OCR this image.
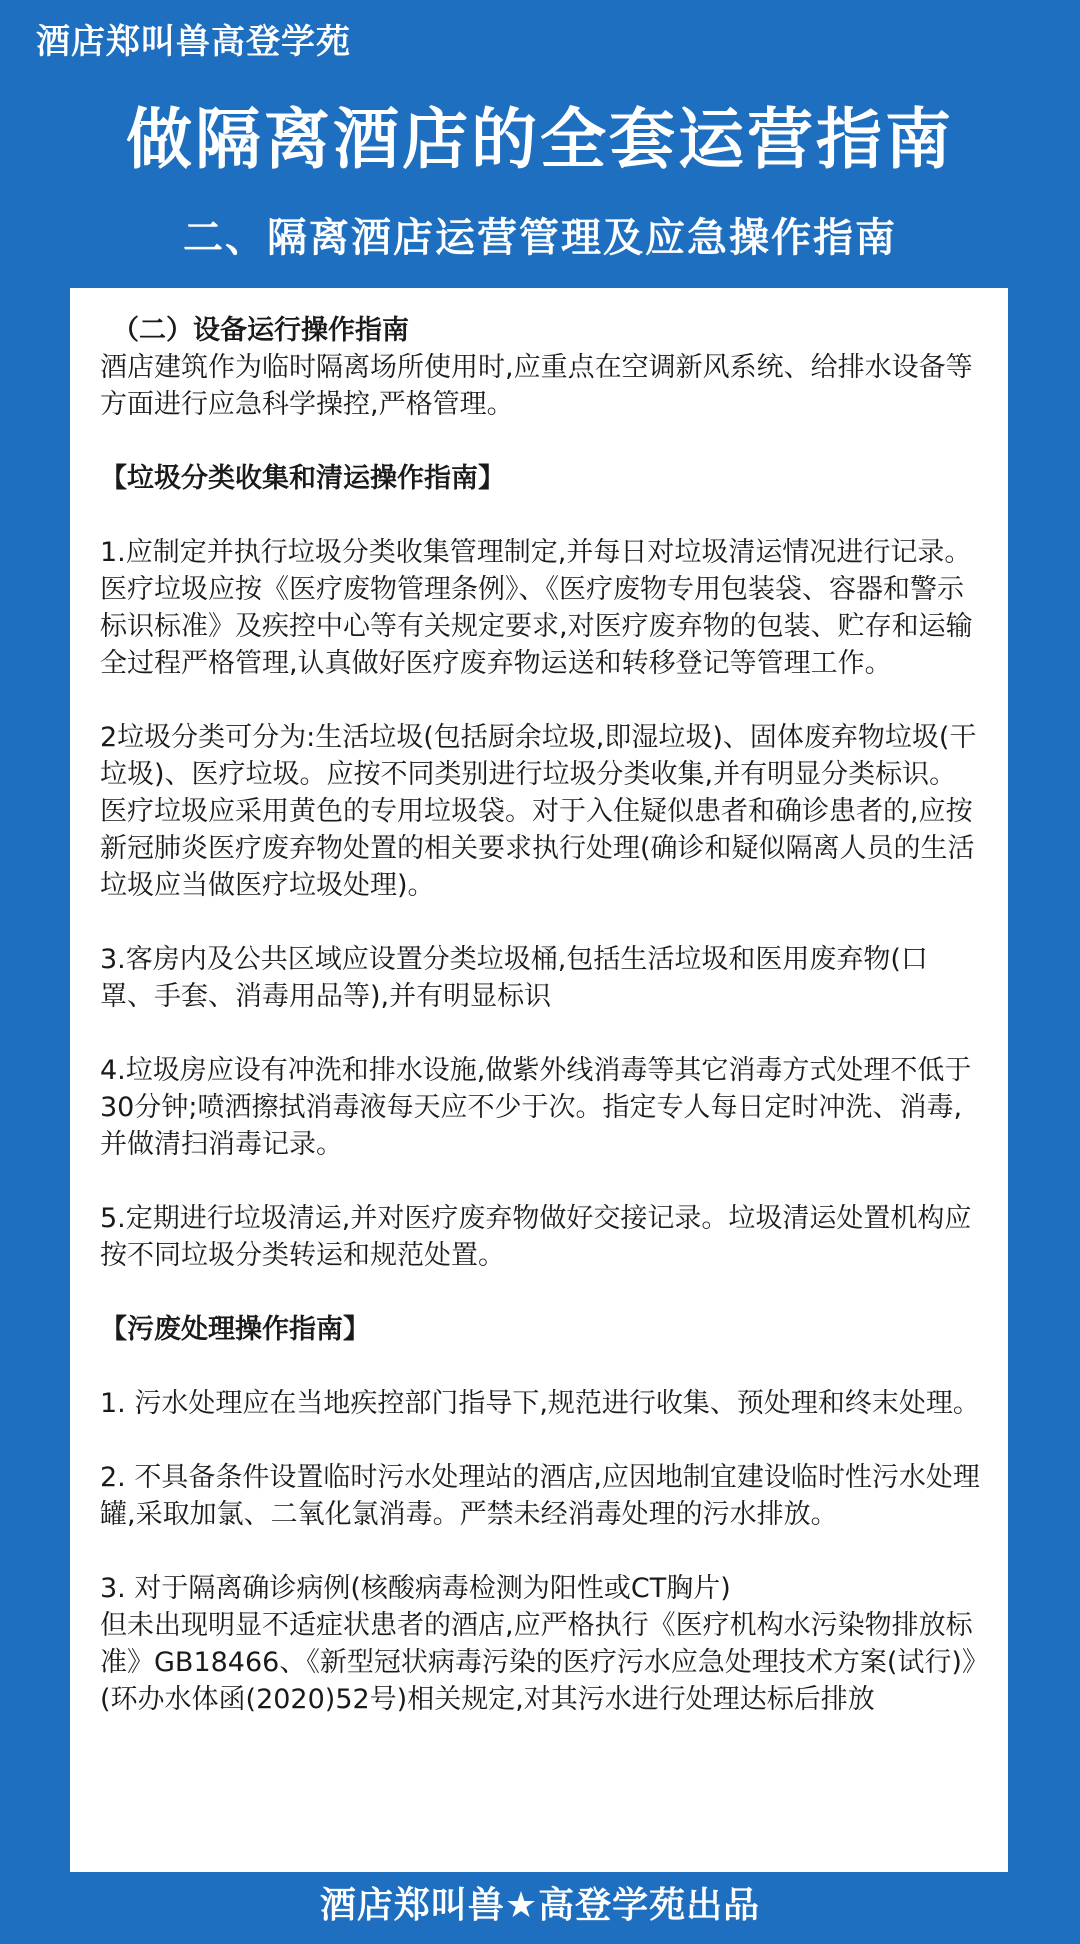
酒店郑叫兽高登学苑
做隔离酒店的全套运营指南
二、隔离酒店运营管理及应急操作指南

（二）设备运行操作指南

酒店建筑作为临时隔离场所使用时,应重点在空调新风系统、给排水设备等方面进行应急科学操控,严格管理。

【垃圾分类收集和清运操作指南】

1.应制定并执行垃圾分类收集管理制定,并每日对垃圾清运情况进行记录。医疗垃圾应按《医疗废物管理条例》、《医疗废物专用包装袋、容器和警示标识标准》及疾控中心等有关规定要求,对医疗废弃物的包装、贮存和运输全过程严格管理,认真做好医疗废弃物运送和转移登记等管理工作。

2垃圾分类可分为:生活垃圾(包括厨余垃圾,即湿垃圾)、固体废弃物垃圾(干垃圾)、医疗垃圾。应按不同类别进行垃圾分类收集,并有明显分类标识。医疗垃圾应采用黄色的专用垃圾袋。对于入住疑似患者和确诊患者的,应按新冠肺炎医疗废弃物处置的相关要求执行处理(确诊和疑似隔离人员的生活垃圾应当做医疗垃圾处理)。

3.客房内及公共区域应设置分类垃圾桶,包括生活垃圾和医用废弃物(口罩、手套、消毒用品等),并有明显标识

4.垃圾房应设有冲洗和排水设施,做紫外线消毒等其它消毒方式处理不低于30分钟;喷洒擦拭消毒液每天应不少于次。指定专人每日定时冲洗、消毒,并做清扫消毒记录。

5.定期进行垃圾清运,并对医疗废弃物做好交接记录。垃圾清运处置机构应按不同垃圾分类转运和规范处置。

【污废处理操作指南】

1. 污水处理应在当地疾控部门指导下,规范进行收集、预处理和终末处理。

2. 不具备条件设置临时污水处理站的酒店,应因地制宜建设临时性污水处理罐,采取加氯、二氧化氯消毒。严禁未经消毒处理的污水排放。

3. 对于隔离确诊病例(核酸病毒检测为阳性或CT胸片)

但未出现明显不适症状患者的酒店,应严格执行《医疗机构水污染物排放标准》GB18466、《新型冠状病毒污染的医疗污水应急处理技术方案(试行)》(环办水体函(2020)52号)相关规定,对其污水进行处理达标后排放

酒店郑叫兽★高登学苑出品
